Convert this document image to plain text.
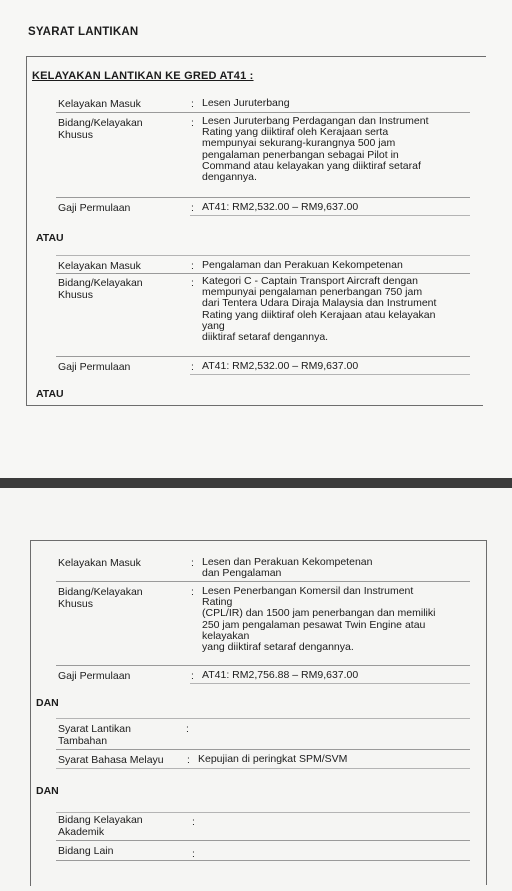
SYARAT LANTIKAN
KELAYAKAN LANTIKAN KE GRED AT41 :
Kelayakan Masuk	: Lesen Juruterbang
Bidang/Kelayakan
Khusus
: Lesen Juruterbang Perdagangan dan Instrument
Rating yang diiktiraf oleh Kerajaan serta
mempunyai sekurang-kurangnya 500 jam
pengalaman penerbangan sebagai Pilot in
Command atau kelayakan yang diiktiraf setaraf
dengannya.
Gaji Permulaan	: AT41: RM2,532.00 – RM9,637.00
ATAU
Kelayakan Masuk	: Pengalaman dan Perakuan Kekompetenan
Bidang/Kelayakan
Khusus
: Kategori C - Captain Transport Aircraft dengan
mempunyai pengalaman penerbangan 750 jam
dari Tentera Udara Diraja Malaysia dan Instrument
Rating yang diiktiraf oleh Kerajaan atau kelayakan
yang
diiktiraf setaraf dengannya.
Gaji Permulaan	: AT41: RM2,532.00 – RM9,637.00
ATAU
Kelayakan Masuk	: Lesen dan Perakuan Kekompetenan
dan Pengalaman
Bidang/Kelayakan
Khusus
: Lesen Penerbangan Komersil dan Instrument
Rating
(CPL/IR) dan 1500 jam penerbangan dan memiliki
250 jam pengalaman pesawat Twin Engine atau
kelayakan
yang diiktiraf setaraf dengannya.
Gaji Permulaan	: AT41: RM2,756.88 – RM9,637.00
DAN
Syarat Lantikan
Tambahan
:
Syarat Bahasa Melayu : Kepujian di peringkat SPM/SVM
DAN
Bidang Kelayakan
Akademik
:
Bidang Lain	:
